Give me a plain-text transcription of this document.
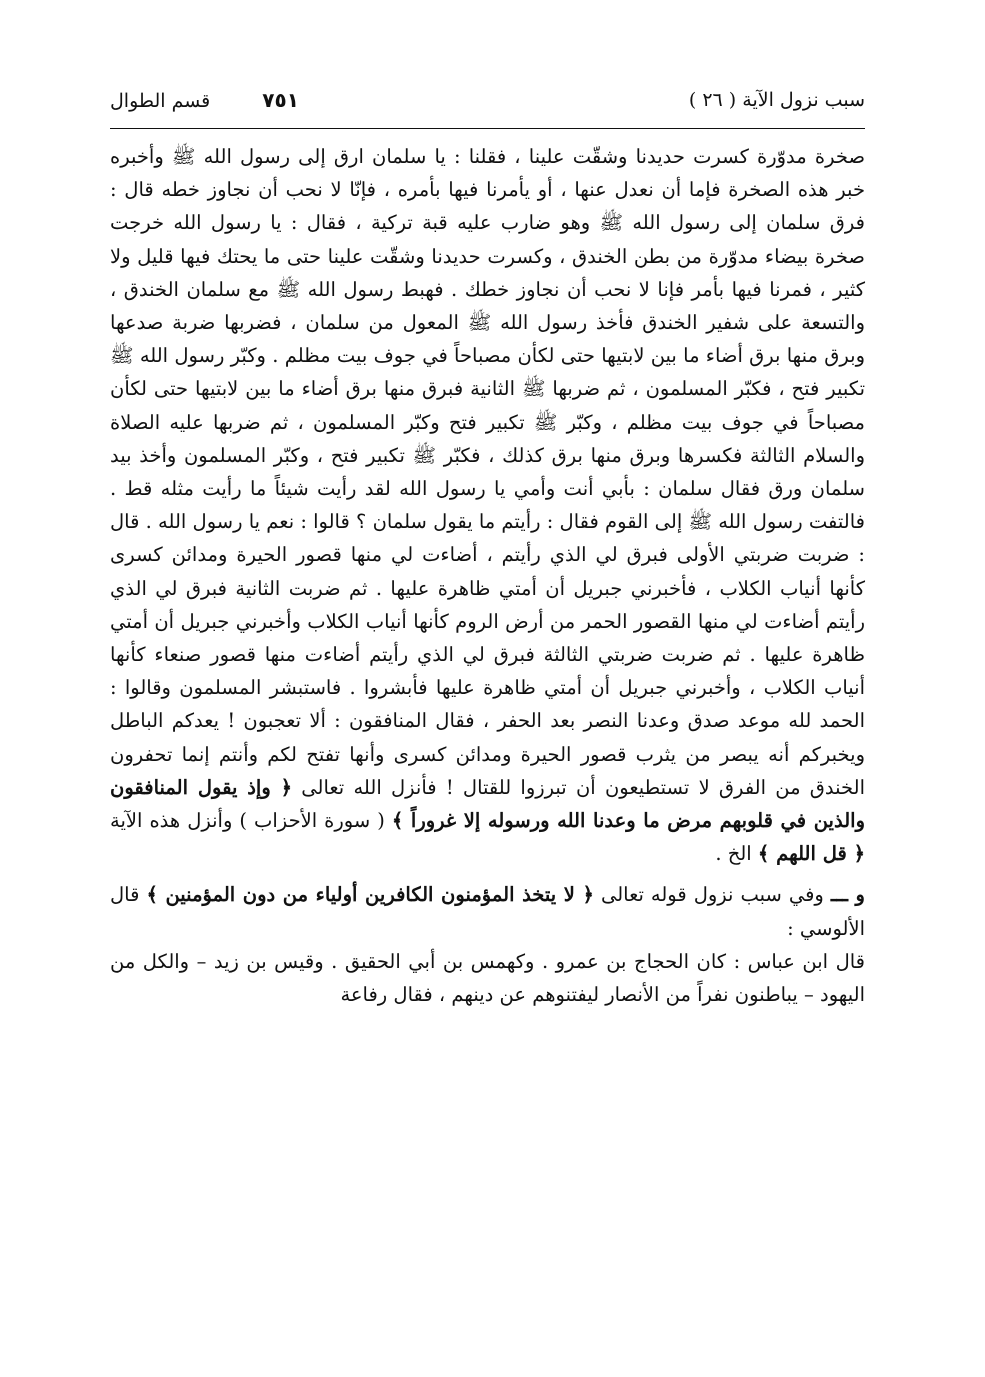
سبب نزول الآية ( ٢٦ )
قسم الطوال	٧٥١

صخرة مدوّرة كسرت حديدنا وشقّت علينا ، فقلنا : يا سلمان ارق إلى رسول الله ﷺ وأخبره خبر هذه الصخرة فإما أن نعدل عنها ، أو يأمرنا فيها بأمره ، فإنّا لا نحب أن نجاوز خطه قال : فرق سلمان إلى رسول الله ﷺ وهو ضارب عليه قبة تركية ، فقال : يا رسول الله خرجت صخرة بيضاء مدوّرة من بطن الخندق ، وكسرت حديدنا وشقّت علينا حتى ما يحتك فيها قليل ولا كثير ، فمرنا فيها بأمر فإنا لا نحب أن نجاوز خطك . فهبط رسول الله ﷺ مع سلمان الخندق ، والتسعة على شفير الخندق فأخذ رسول الله ﷺ المعول من سلمان ، فضربها ضربة صدعها وبرق منها برق أضاء ما بين لابتيها حتى لكأن مصباحاً في جوف بيت مظلم . وكبّر رسول الله ﷺ تكبير فتح ، فكبّر المسلمون ، ثم ضربها ﷺ الثانية فبرق منها برق أضاء ما بين لابتيها حتى لكأن مصباحاً في جوف بيت مظلم ، وكبّر ﷺ تكبير فتح وكبّر المسلمون ، ثم ضربها عليه الصلاة والسلام الثالثة فكسرها وبرق منها برق كذلك ، فكبّر ﷺ تكبير فتح ، وكبّر المسلمون وأخذ بيد سلمان ورق فقال سلمان : بأبي أنت وأمي يا رسول الله لقد رأيت شيئاً ما رأيت مثله قط . فالتفت رسول الله ﷺ إلى القوم فقال : رأيتم ما يقول سلمان ؟ قالوا : نعم يا رسول الله . قال : ضربت ضربتي الأولى فبرق لي الذي رأيتم ، أضاءت لي منها قصور الحيرة ومدائن كسرى كأنها أنياب الكلاب ، فأخبرني جبريل أن أمتي ظاهرة عليها . ثم ضربت الثانية فبرق لي الذي رأيتم أضاءت لي منها القصور الحمر من أرض الروم كأنها أنياب الكلاب وأخبرني جبريل أن أمتي ظاهرة عليها . ثم ضربت ضربتي الثالثة فبرق لي الذي رأيتم أضاءت منها قصور صنعاء كأنها أنياب الكلاب ، وأخبرني جبريل أن أمتي ظاهرة عليها فأبشروا . فاستبشر المسلمون وقالوا : الحمد لله موعد صدق وعدنا النصر بعد الحفر ، فقال المنافقون : ألا تعجبون ! يعدكم الباطل ويخبركم أنه يبصر من يثرب قصور الحيرة ومدائن كسرى وأنها تفتح لكم وأنتم إنما تحفرون الخندق من الفرق لا تستطيعون أن تبرزوا للقتال ! فأنزل الله تعالى ﴿ وإذ يقول المنافقون والذين في قلوبهم مرض ما وعدنا الله ورسوله إلا غروراً ﴾ ( سورة الأحزاب ) وأنزل هذه الآية ﴿ قل اللهم ﴾ الخ .

و ـــ وفي سبب نزول قوله تعالى ﴿ لا يتخذ المؤمنون الكافرين أولياء من دون المؤمنين ﴾ قال الألوسي :

قال ابن عباس : كان الحجاج بن عمرو . وكهمس بن أبي الحقيق . وقيس بن زيد – والكل من اليهود – يباطنون نفراً من الأنصار ليفتنوهم عن دينهم ، فقال رفاعة
